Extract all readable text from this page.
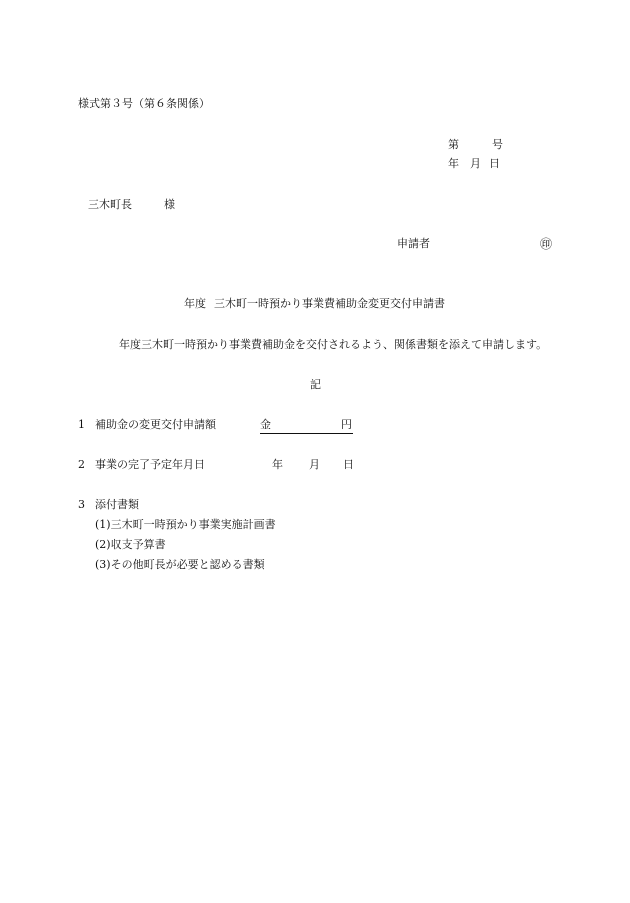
様式第３号（第６条関係）
第	号
年 月 日
三木町長	様
申請者	㊞
年度 三木町一時預かり事業費補助金変更交付申請書
年度三木町一時預かり事業費補助金を交付されるよう、関係書類を添えて申請します。
記
1 補助金の変更交付申請額	金	円
2 事業の完了予定年月日	年 月 日
3 添付書類
(1)三木町一時預かり事業実施計画書
(2)収支予算書
(3)その他町長が必要と認める書類
